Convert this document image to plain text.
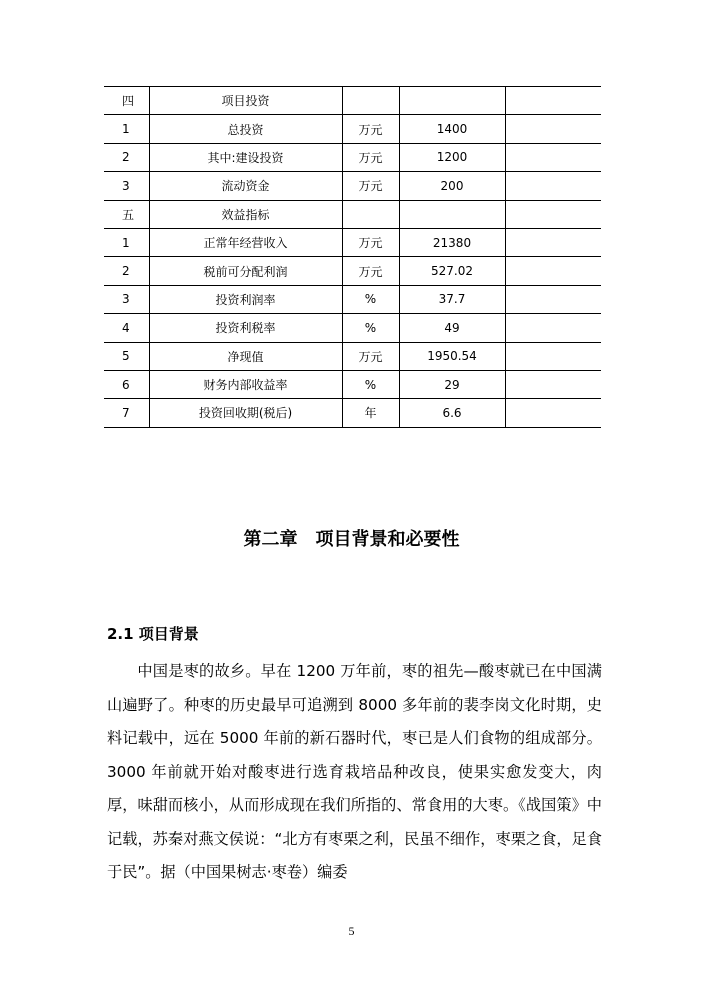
四	项目投资			
1	总投资	万元	1400	
2	其中:建设投资	万元	1200	
3	流动资金	万元	200	
五	效益指标			
1	正常年经营收入	万元	21380	
2	税前可分配利润	万元	527.02	
3	投资利润率	%	37.7	
4	投资利税率	%	49	
5	净现值	万元	1950.54	
6	财务内部收益率	%	29	
7	投资回收期(税后)	年	6.6	
第二章　项目背景和必要性
2.1 项目背景

中国是枣的故乡。早在 1200 万年前，枣的祖先—酸枣就已在中国满山遍野了。种枣的历史最早可追溯到 8000 多年前的裴李岗文化时期，史料记载中，远在 5000 年前的新石器时代，枣已是人们食物的组成部分。3000 年前就开始对酸枣进行选育栽培品种改良，使果实愈发变大，肉厚，味甜而核小，从而形成现在我们所指的、常食用的大枣。《战国策》中记载，苏秦对燕文侯说：“北方有枣栗之利，民虽不细作，枣栗之食，足食于民”。据（中国果树志·枣卷）编委

5
